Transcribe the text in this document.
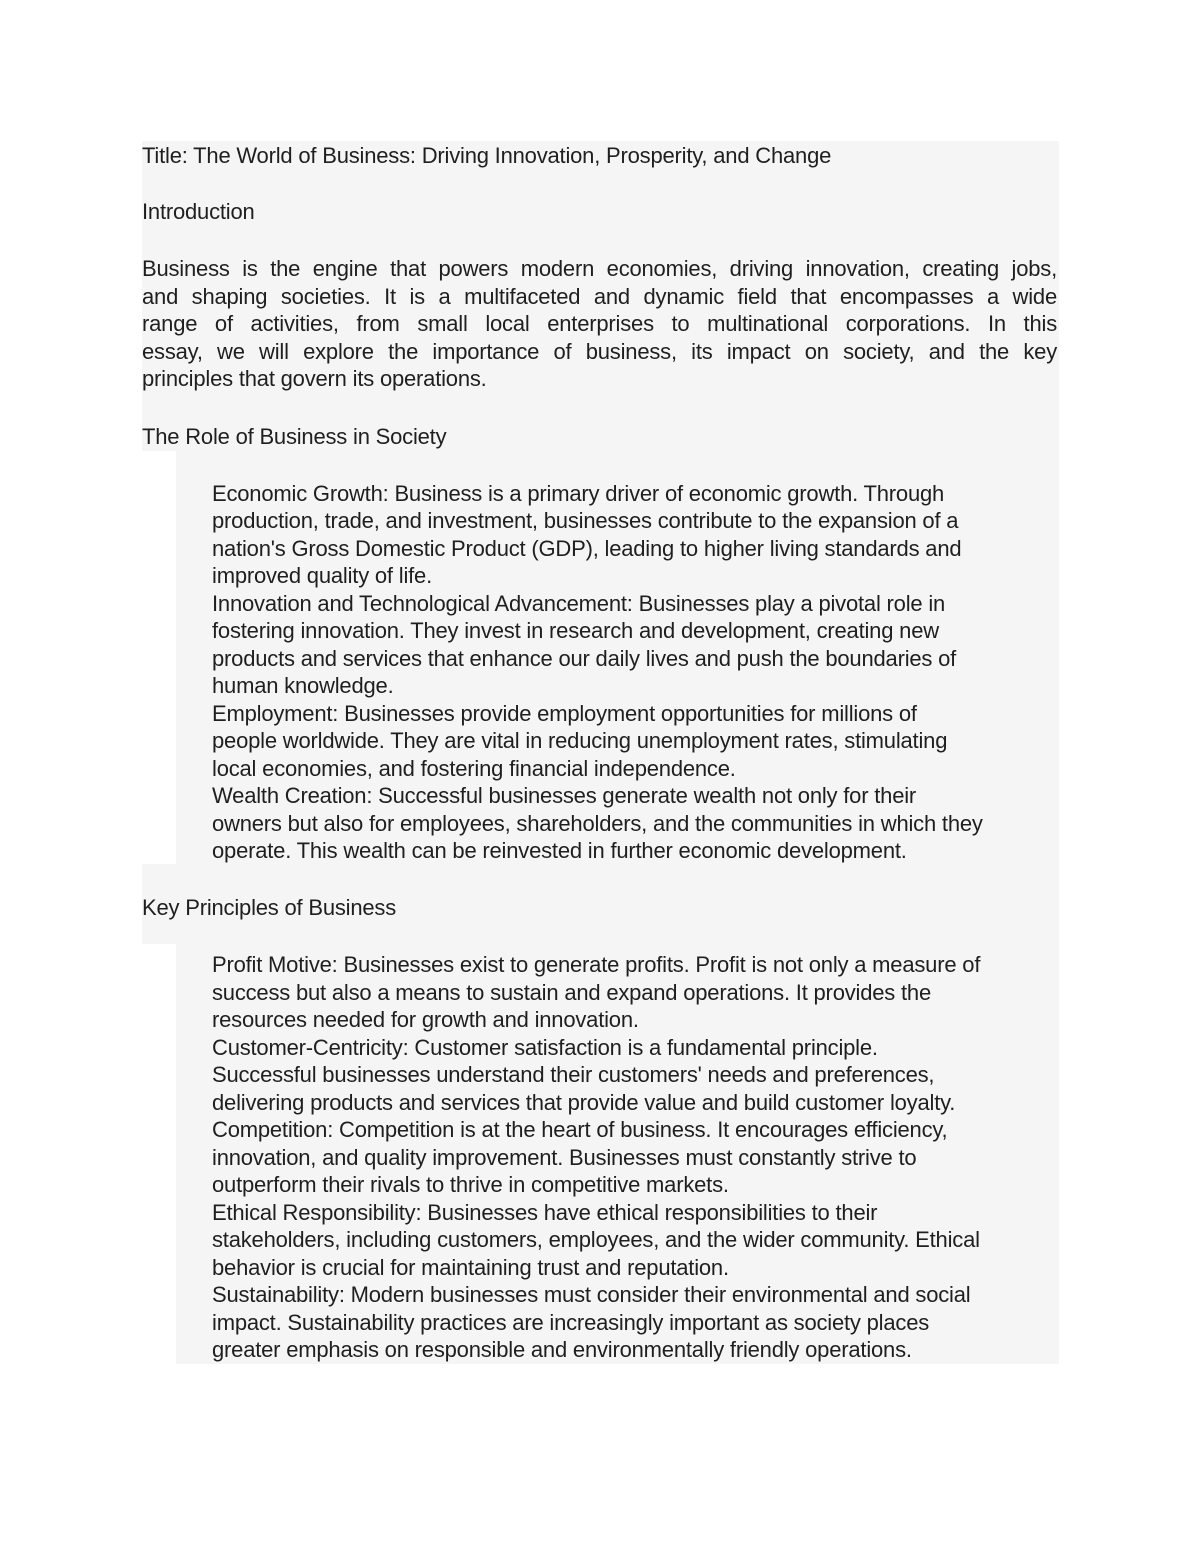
Title: The World of Business: Driving Innovation, Prosperity, and Change
Introduction
Business is the engine that powers modern economies, driving innovation, creating jobs,
and shaping societies. It is a multifaceted and dynamic field that encompasses a wide
range of activities, from small local enterprises to multinational corporations. In this
essay, we will explore the importance of business, its impact on society, and the key
principles that govern its operations.
The Role of Business in Society
Economic Growth: Business is a primary driver of economic growth. Through
production, trade, and investment, businesses contribute to the expansion of a
nation's Gross Domestic Product (GDP), leading to higher living standards and
improved quality of life.
Innovation and Technological Advancement: Businesses play a pivotal role in
fostering innovation. They invest in research and development, creating new
products and services that enhance our daily lives and push the boundaries of
human knowledge.
Employment: Businesses provide employment opportunities for millions of
people worldwide. They are vital in reducing unemployment rates, stimulating
local economies, and fostering financial independence.
Wealth Creation: Successful businesses generate wealth not only for their
owners but also for employees, shareholders, and the communities in which they
operate. This wealth can be reinvested in further economic development.
Key Principles of Business
Profit Motive: Businesses exist to generate profits. Profit is not only a measure of
success but also a means to sustain and expand operations. It provides the
resources needed for growth and innovation.
Customer-Centricity: Customer satisfaction is a fundamental principle.
Successful businesses understand their customers' needs and preferences,
delivering products and services that provide value and build customer loyalty.
Competition: Competition is at the heart of business. It encourages efficiency,
innovation, and quality improvement. Businesses must constantly strive to
outperform their rivals to thrive in competitive markets.
Ethical Responsibility: Businesses have ethical responsibilities to their
stakeholders, including customers, employees, and the wider community. Ethical
behavior is crucial for maintaining trust and reputation.
Sustainability: Modern businesses must consider their environmental and social
impact. Sustainability practices are increasingly important as society places
greater emphasis on responsible and environmentally friendly operations.
